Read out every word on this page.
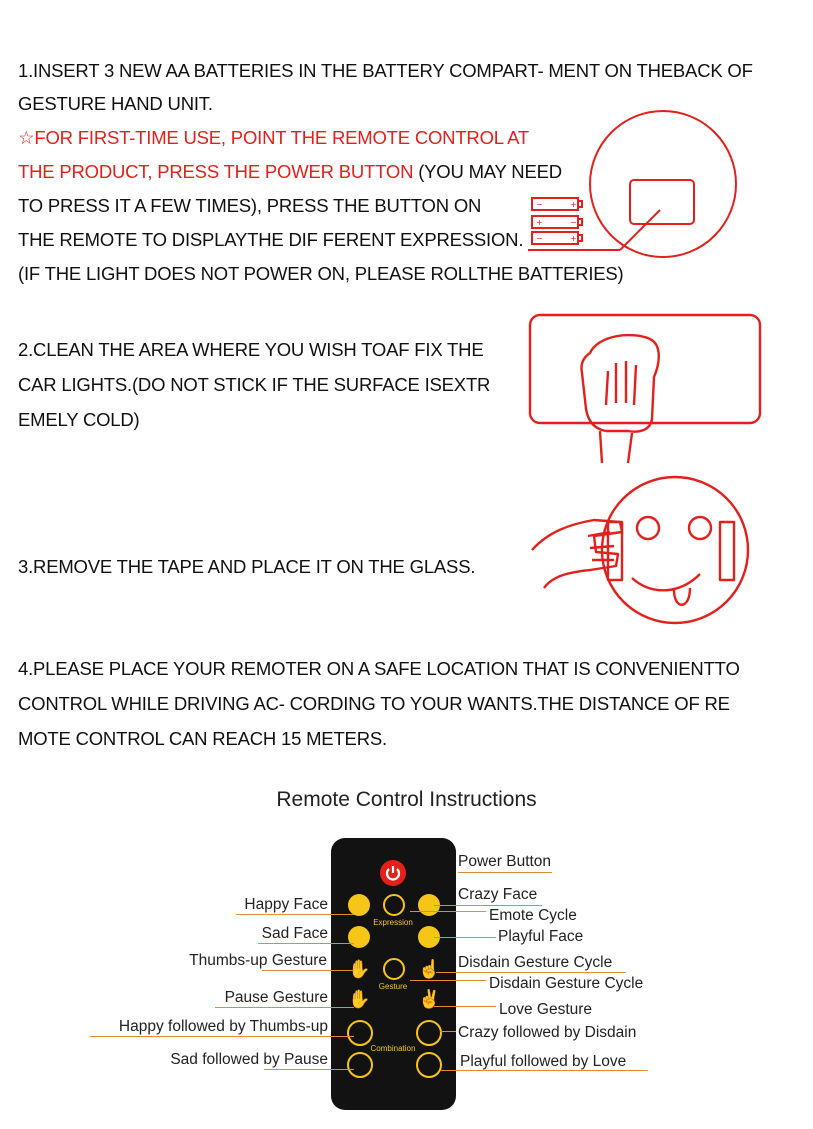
1.INSERT 3 NEW AA BATTERIES IN THE BATTERY COMPART- MENT ON THEBACK OF
GESTURE HAND UNIT.
☆FOR FIRST-TIME USE, POINT THE REMOTE CONTROL AT
THE PRODUCT, PRESS THE POWER BUTTON (YOU MAY NEED
TO PRESS IT A FEW TIMES), PRESS THE BUTTON ON
THE REMOTE TO DISPLAYTHE DIF FERENT EXPRESSION.
(IF THE LIGHT DOES NOT POWER ON, PLEASE ROLLTHE BATTERIES)
−	+
+	−
−	+
2.CLEAN THE AREA WHERE YOU WISH TOAF FIX THE
CAR LIGHTS.(DO NOT STICK IF THE SURFACE ISEXTR
EMELY COLD)
3.REMOVE THE TAPE AND PLACE IT ON THE GLASS.
4.PLEASE PLACE YOUR REMOTER ON A SAFE LOCATION THAT IS CONVENIENTTO
CONTROL WHILE DRIVING AC- CORDING TO YOUR WANTS.THE DISTANCE OF RE
MOTE CONTROL CAN REACH 15 METERS.
Remote Control Instructions
Expression
✋	☝
Gesture
✋	✌
Combination
Power Button
Crazy Face
Emote Cycle
Playful Face
Disdain Gesture Cycle
Disdain Gesture Cycle
Love Gesture
Crazy followed by Disdain
Playful followed by Love
Happy Face
Sad Face
Thumbs-up Gesture
Pause Gesture
Happy followed by Thumbs-up
Sad followed by Pause
